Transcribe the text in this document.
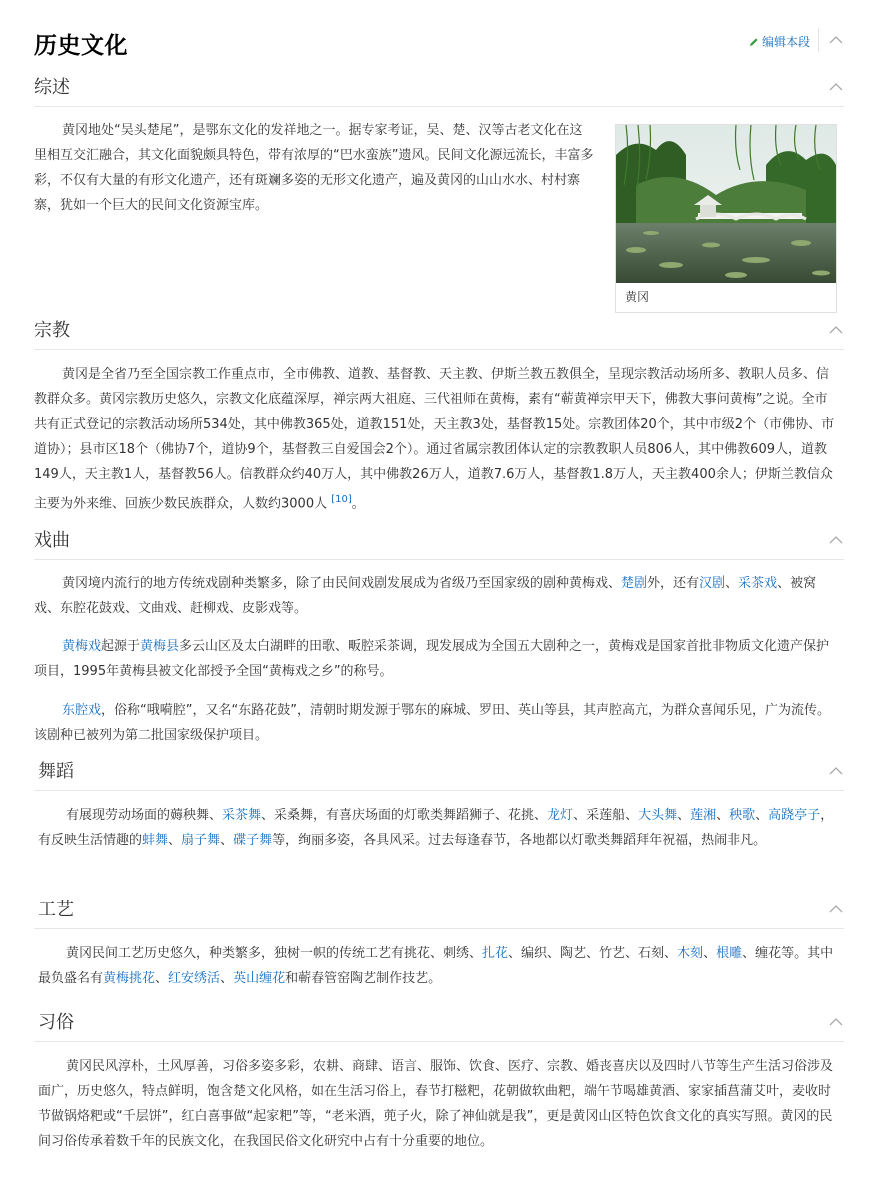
历史文化	编辑本段
综述

黄冈地处“吴头楚尾”，是鄂东文化的发祥地之一。据专家考证，吴、楚、汉等古老文化在这里相互交汇融合，其文化面貌颇具特色，带有浓厚的“巴水蛮族”遗风。民间文化源远流长，丰富多彩，不仅有大量的有形文化遗产，还有斑斓多姿的无形文化遗产，遍及黄冈的山山水水、村村寨寨，犹如一个巨大的民间文化资源宝库。

黄冈
宗教

黄冈是全省乃至全国宗教工作重点市，全市佛教、道教、基督教、天主教、伊斯兰教五教俱全，呈现宗教活动场所多、教职人员多、信教群众多。黄冈宗教历史悠久，宗教文化底蕴深厚，禅宗两大祖庭、三代祖师在黄梅，素有“蕲黄禅宗甲天下，佛教大事问黄梅”之说。全市共有正式登记的宗教活动场所534处，其中佛教365处，道教151处，天主教3处，基督教15处。宗教团体20个，其中市级2个（市佛协、市道协）；县市区18个（佛协7个，道协9个，基督教三自爱国会2个）。通过省属宗教团体认定的宗教教职人员806人，其中佛教609人，道教149人，天主教1人，基督教56人。信教群众约40万人，其中佛教26万人，道教7.6万人，基督教1.8万人，天主教400余人；伊斯兰教信众主要为外来维、回族少数民族群众，人数约3000人 [10]。

戏曲

黄冈境内流行的地方传统戏剧种类繁多，除了由民间戏剧发展成为省级乃至国家级的剧种黄梅戏、楚剧外，还有汉剧、采茶戏、被窝戏、东腔花鼓戏、文曲戏、赶柳戏、皮影戏等。

黄梅戏起源于黄梅县多云山区及太白湖畔的田歌、畈腔采茶调，现发展成为全国五大剧种之一，黄梅戏是国家首批非物质文化遗产保护项目，1995年黄梅县被文化部授予全国“黄梅戏之乡”的称号。

东腔戏，俗称“哦嗬腔”，又名“东路花鼓”，清朝时期发源于鄂东的麻城、罗田、英山等县，其声腔高亢，为群众喜闻乐见，广为流传。该剧种已被列为第二批国家级保护项目。

舞蹈

有展现劳动场面的薅秧舞、采茶舞、采桑舞，有喜庆场面的灯歌类舞蹈狮子、花挑、龙灯、采莲船、大头舞、莲湘、秧歌、高跷亭子，有反映生活情趣的蚌舞、扇子舞、碟子舞等，绚丽多姿，各具风采。过去每逢春节，各地都以灯歌类舞蹈拜年祝福，热闹非凡。

工艺

黄冈民间工艺历史悠久，种类繁多，独树一帜的传统工艺有挑花、刺绣、扎花、编织、陶艺、竹艺、石刻、木刻、根雕、缠花等。其中最负盛名有黄梅挑花、红安绣活、英山缠花和蕲春管窑陶艺制作技艺。

习俗

黄冈民风淳朴，土风厚善，习俗多姿多彩，农耕、商肆、语言、服饰、饮食、医疗、宗教、婚丧喜庆以及四时八节等生产生活习俗涉及面广，历史悠久，特点鲜明，饱含楚文化风格，如在生活习俗上，春节打糍粑，花朝做软曲粑，端午节喝雄黄酒、家家插菖蒲艾叶，麦收时节做锅烙粑或“千层饼”，红白喜事做“起家粑”等，“老米酒，蔸子火，除了神仙就是我”，更是黄冈山区特色饮食文化的真实写照。黄冈的民间习俗传承着数千年的民族文化，在我国民俗文化研究中占有十分重要的地位。
